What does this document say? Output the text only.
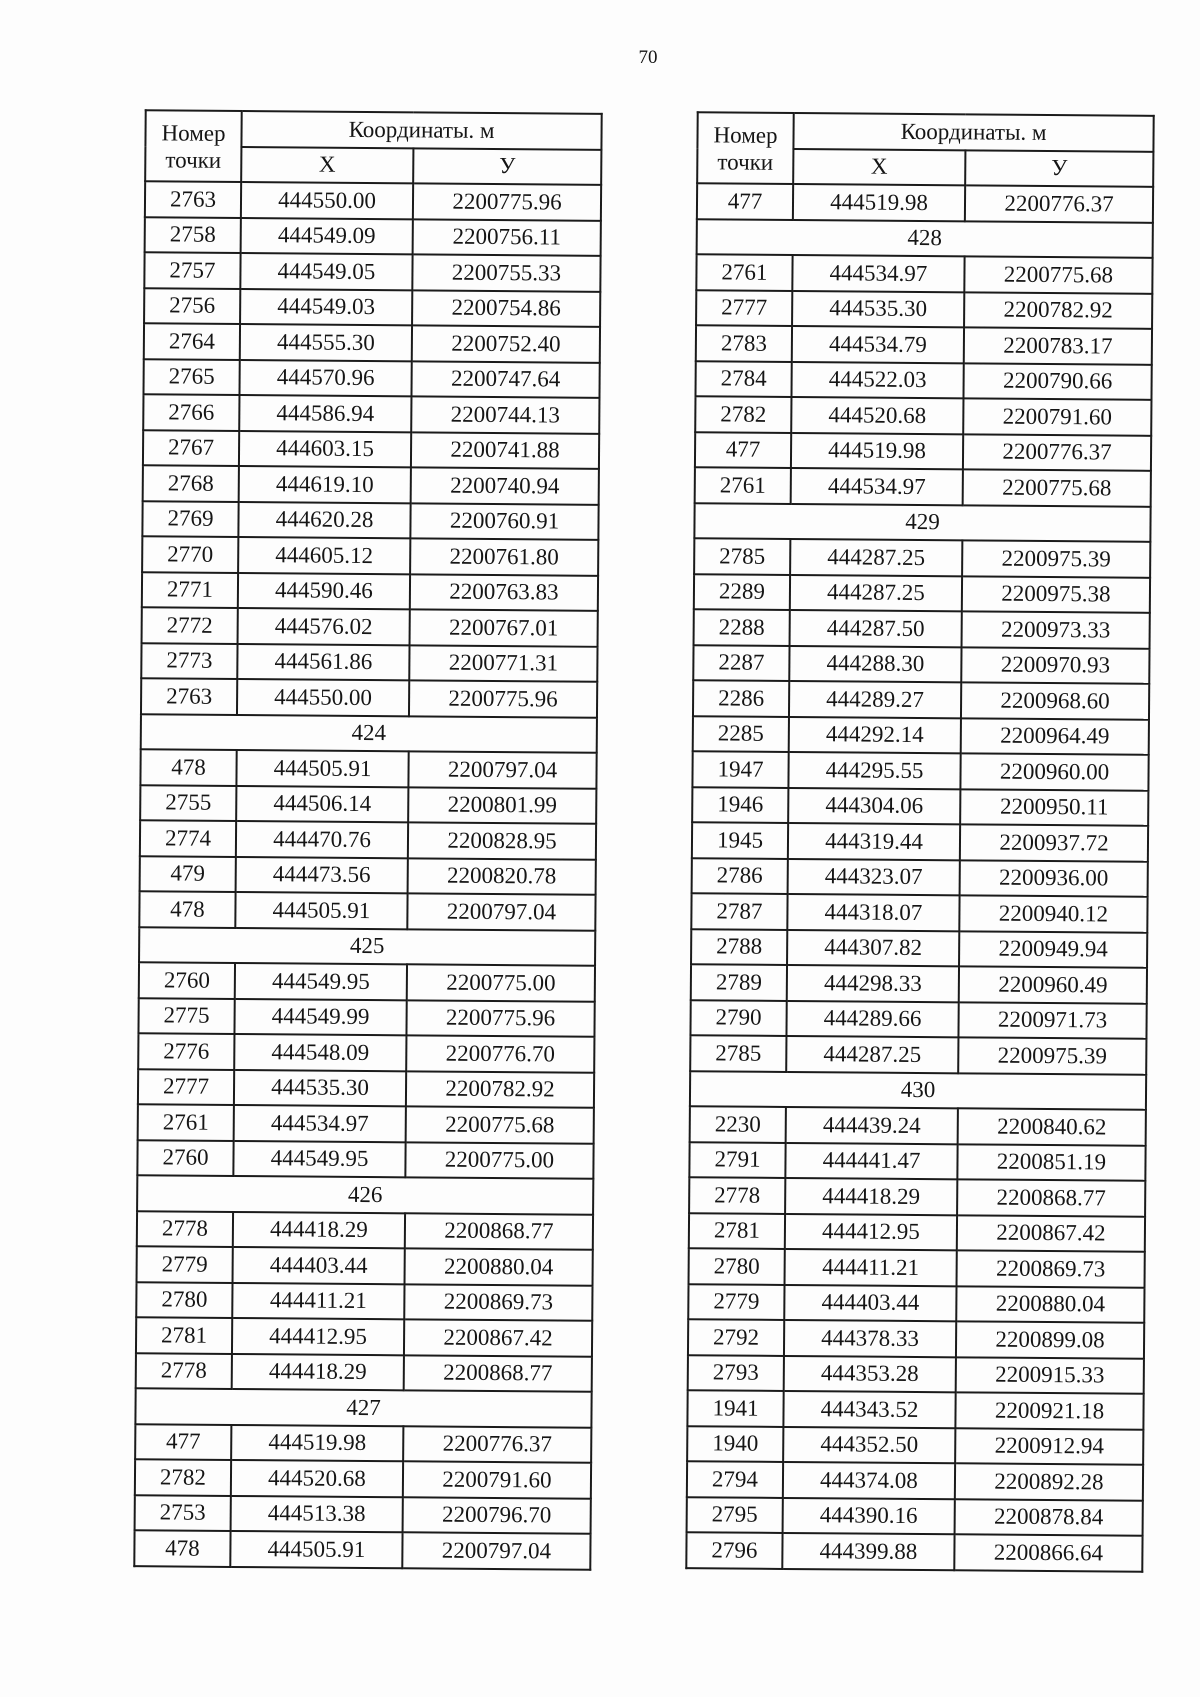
70
Номер точки	Координаты. м	
	X	У
2763	444550.00	2200775.96
2758	444549.09	2200756.11
2757	444549.05	2200755.33
2756	444549.03	2200754.86
2764	444555.30	2200752.40
2765	444570.96	2200747.64
2766	444586.94	2200744.13
2767	444603.15	2200741.88
2768	444619.10	2200740.94
2769	444620.28	2200760.91
2770	444605.12	2200761.80
2771	444590.46	2200763.83
2772	444576.02	2200767.01
2773	444561.86	2200771.31
2763	444550.00	2200775.96
424		
478	444505.91	2200797.04
2755	444506.14	2200801.99
2774	444470.76	2200828.95
479	444473.56	2200820.78
478	444505.91	2200797.04
425		
2760	444549.95	2200775.00
2775	444549.99	2200775.96
2776	444548.09	2200776.70
2777	444535.30	2200782.92
2761	444534.97	2200775.68
2760	444549.95	2200775.00
426		
2778	444418.29	2200868.77
2779	444403.44	2200880.04
2780	444411.21	2200869.73
2781	444412.95	2200867.42
2778	444418.29	2200868.77
427		
477	444519.98	2200776.37
2782	444520.68	2200791.60
2753	444513.38	2200796.70
478	444505.91	2200797.04
Номер точки	Координаты. м	
	X	У
477	444519.98	2200776.37
428		
2761	444534.97	2200775.68
2777	444535.30	2200782.92
2783	444534.79	2200783.17
2784	444522.03	2200790.66
2782	444520.68	2200791.60
477	444519.98	2200776.37
2761	444534.97	2200775.68
429		
2785	444287.25	2200975.39
2289	444287.25	2200975.38
2288	444287.50	2200973.33
2287	444288.30	2200970.93
2286	444289.27	2200968.60
2285	444292.14	2200964.49
1947	444295.55	2200960.00
1946	444304.06	2200950.11
1945	444319.44	2200937.72
2786	444323.07	2200936.00
2787	444318.07	2200940.12
2788	444307.82	2200949.94
2789	444298.33	2200960.49
2790	444289.66	2200971.73
2785	444287.25	2200975.39
430		
2230	444439.24	2200840.62
2791	444441.47	2200851.19
2778	444418.29	2200868.77
2781	444412.95	2200867.42
2780	444411.21	2200869.73
2779	444403.44	2200880.04
2792	444378.33	2200899.08
2793	444353.28	2200915.33
1941	444343.52	2200921.18
1940	444352.50	2200912.94
2794	444374.08	2200892.28
2795	444390.16	2200878.84
2796	444399.88	2200866.64
